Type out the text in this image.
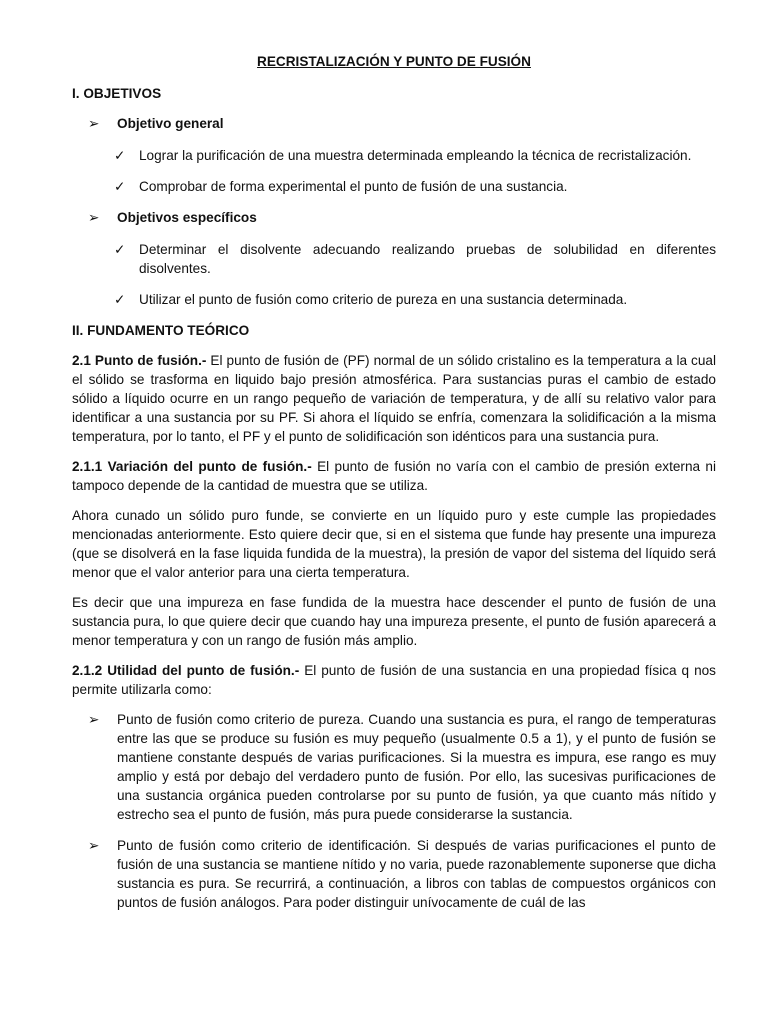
RECRISTALIZACIÓN Y PUNTO DE FUSIÓN
I. OBJETIVOS
➢	Objetivo general
✓	Lograr la purificación de una muestra determinada empleando la técnica de recristalización.
✓	Comprobar de forma experimental el punto de fusión de una sustancia.
➢	Objetivos específicos
✓	Determinar el disolvente adecuando realizando pruebas de solubilidad en diferentes disolventes.
✓	Utilizar el punto de fusión como criterio de pureza en una sustancia determinada.
II. FUNDAMENTO TEÓRICO

2.1 Punto de fusión.- El punto de fusión de (PF) normal de un sólido cristalino es la temperatura a la cual el sólido se trasforma en liquido bajo presión atmosférica. Para sustancias puras el cambio de estado sólido a líquido ocurre en un rango pequeño de variación de temperatura, y de allí su relativo valor para identificar a una sustancia por su PF. Si ahora el líquido se enfría, comenzara la solidificación a la misma temperatura, por lo tanto, el PF y el punto de solidificación son idénticos para una sustancia pura.

2.1.1 Variación del punto de fusión.- El punto de fusión no varía con el cambio de presión externa ni tampoco depende de la cantidad de muestra que se utiliza.

Ahora cunado un sólido puro funde, se convierte en un líquido puro y este cumple las propiedades mencionadas anteriormente. Esto quiere decir que, si en el sistema que funde hay presente una impureza (que se disolverá en la fase liquida fundida de la muestra), la presión de vapor del sistema del líquido será menor que el valor anterior para una cierta temperatura.

Es decir que una impureza en fase fundida de la muestra hace descender el punto de fusión de una sustancia pura, lo que quiere decir que cuando hay una impureza presente, el punto de fusión aparecerá a menor temperatura y con un rango de fusión más amplio.

2.1.2 Utilidad del punto de fusión.- El punto de fusión de una sustancia en una propiedad física q nos permite utilizarla como:

➢	Punto de fusión como criterio de pureza. Cuando una sustancia es pura, el rango de temperaturas entre las que se produce su fusión es muy pequeño (usualmente 0.5 a 1), y el punto de fusión se mantiene constante después de varias purificaciones. Si la muestra es impura, ese rango es muy amplio y está por debajo del verdadero punto de fusión. Por ello, las sucesivas purificaciones de una sustancia orgánica pueden controlarse por su punto de fusión, ya que cuanto más nítido y estrecho sea el punto de fusión, más pura puede considerarse la sustancia.
➢	Punto de fusión como criterio de identificación. Si después de varias purificaciones el punto de fusión de una sustancia se mantiene nítido y no varia, puede razonablemente suponerse que dicha sustancia es pura. Se recurrirá, a continuación, a libros con tablas de compuestos orgánicos con puntos de fusión análogos. Para poder distinguir unívocamente de cuál de las
